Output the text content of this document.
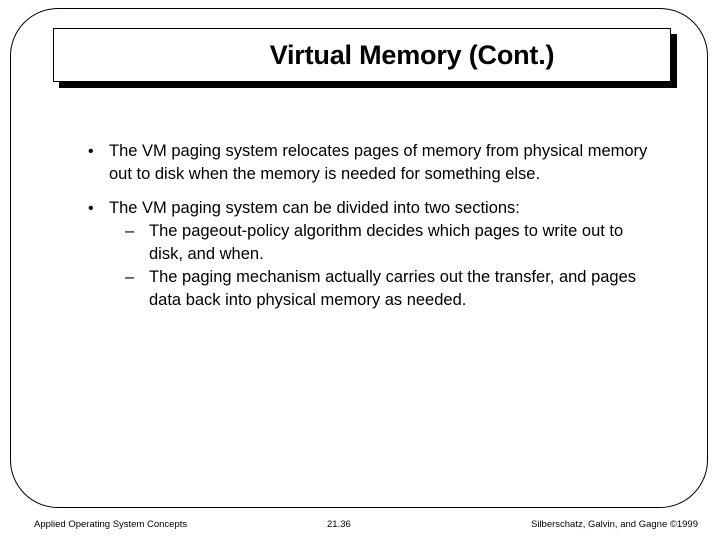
Virtual Memory (Cont.)
• The VM paging system relocates pages of memory from physical memory out to disk when the memory is needed for something else.
• The VM paging system can be divided into two sections:
– The pageout-policy algorithm decides which pages to write out to disk, and when.
– The paging mechanism actually carries out the transfer, and pages data back into physical memory as needed.
Applied Operating System Concepts	21.36	Silberschatz, Galvin, and Gagne ©1999
